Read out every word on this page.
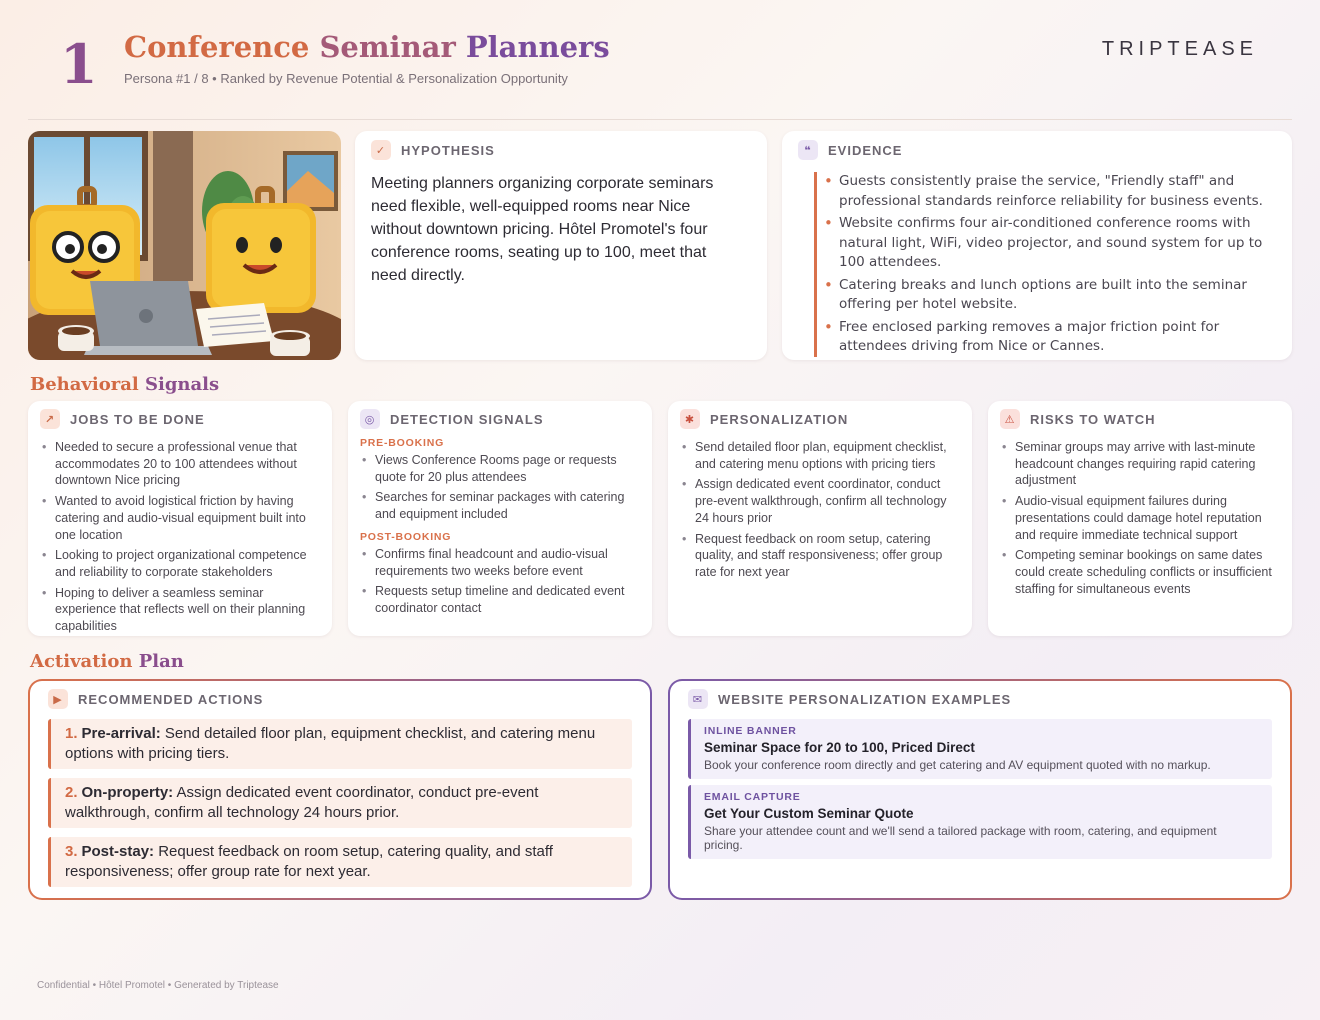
1 Conference Seminar Planners
Persona #1 / 8 • Ranked by Revenue Potential & Personalization Opportunity
TRIPTEASE
✓	HYPOTHESIS
Meeting planners organizing corporate seminars need flexible, well-equipped rooms near Nice without downtown pricing. Hôtel Promotel's four conference rooms, seating up to 100, meet that need directly.
❝	EVIDENCE
• Guests consistently praise the service, "Friendly staff" and professional standards reinforce reliability for business events.
• Website confirms four air-conditioned conference rooms with natural light, WiFi, video projector, and sound system for up to 100 attendees.
• Catering breaks and lunch options are built into the seminar offering per hotel website.
• Free enclosed parking removes a major friction point for attendees driving from Nice or Cannes.
Behavioral Signals
↗	JOBS TO BE DONE
• Needed to secure a professional venue that accommodates 20 to 100 attendees without downtown Nice pricing
• Wanted to avoid logistical friction by having catering and audio-visual equipment built into one location
• Looking to project organizational competence and reliability to corporate stakeholders
• Hoping to deliver a seamless seminar experience that reflects well on their planning capabilities
◎	DETECTION SIGNALS
PRE-BOOKING
• Views Conference Rooms page or requests quote for 20 plus attendees
• Searches for seminar packages with catering and equipment included
POST-BOOKING
• Confirms final headcount and audio-visual requirements two weeks before event
• Requests setup timeline and dedicated event coordinator contact
✱	PERSONALIZATION
• Send detailed floor plan, equipment checklist, and catering menu options with pricing tiers
• Assign dedicated event coordinator, conduct pre-event walkthrough, confirm all technology 24 hours prior
• Request feedback on room setup, catering quality, and staff responsiveness; offer group rate for next year
⚠	RISKS TO WATCH
• Seminar groups may arrive with last-minute headcount changes requiring rapid catering adjustment
• Audio-visual equipment failures during presentations could damage hotel reputation and require immediate technical support
• Competing seminar bookings on same dates could create scheduling conflicts or insufficient staffing for simultaneous events
Activation Plan
▶	RECOMMENDED ACTIONS
1. Pre-arrival: Send detailed floor plan, equipment checklist, and catering menu options with pricing tiers.
2. On-property: Assign dedicated event coordinator, conduct pre-event walkthrough, confirm all technology 24 hours prior.
3. Post-stay: Request feedback on room setup, catering quality, and staff responsiveness; offer group rate for next year.
✉	WEBSITE PERSONALIZATION EXAMPLES
INLINE BANNER
Seminar Space for 20 to 100, Priced Direct
Book your conference room directly and get catering and AV equipment quoted with no markup.
EMAIL CAPTURE
Get Your Custom Seminar Quote
Share your attendee count and we'll send a tailored package with room, catering, and equipment pricing.
Confidential • Hôtel Promotel • Generated by Triptease
